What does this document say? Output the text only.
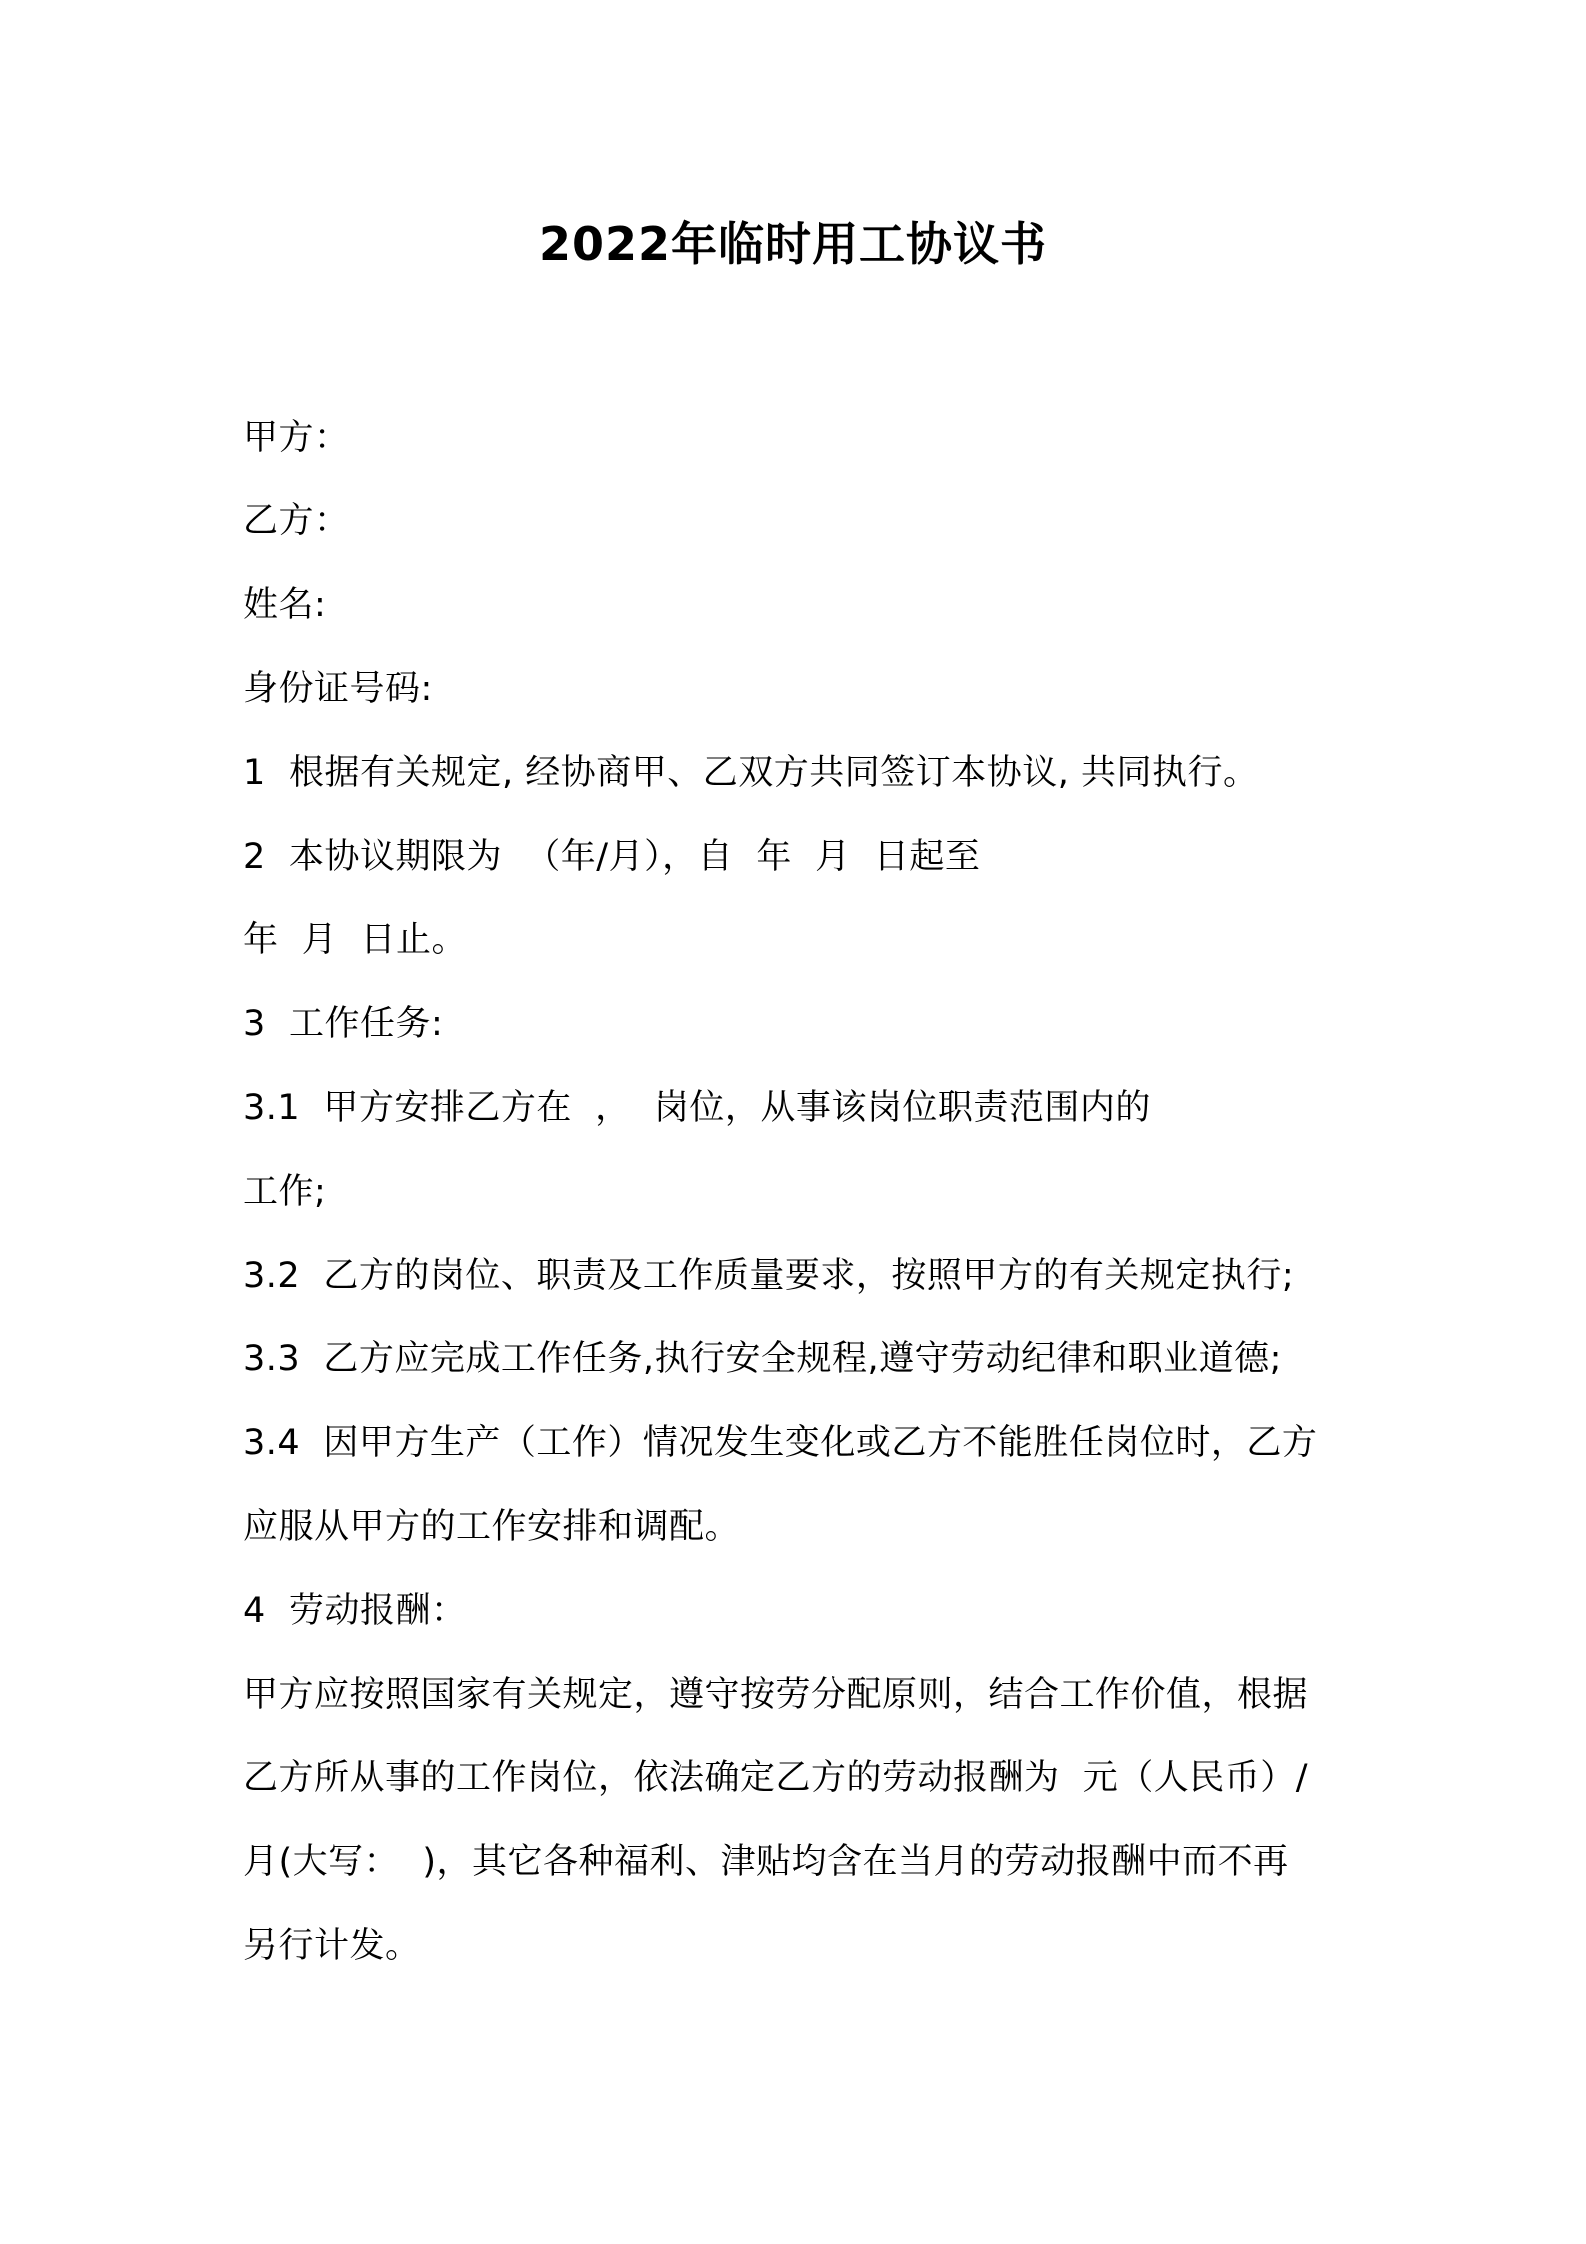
2022年临时用工协议书
甲方：
乙方：
姓名:
身份证号码:
1  根据有关规定, 经协商甲、乙双方共同签订本协议, 共同执行。
2  本协议期限为  （年/月），自  年  月  日起至
年  月  日止。
3  工作任务:
3.1  甲方安排乙方在  ，  岗位，从事该岗位职责范围内的
工作;
3.2  乙方的岗位、职责及工作质量要求，按照甲方的有关规定执行;
3.3  乙方应完成工作任务,执行安全规程,遵守劳动纪律和职业道德;
3.4  因甲方生产（工作）情况发生变化或乙方不能胜任岗位时，乙方
应服从甲方的工作安排和调配。
4  劳动报酬：
甲方应按照国家有关规定，遵守按劳分配原则，结合工作价值，根据
乙方所从事的工作岗位，依法确定乙方的劳动报酬为  元（人民币）/
月(大写：  )，其它各种福利、津贴均含在当月的劳动报酬中而不再
另行计发。
